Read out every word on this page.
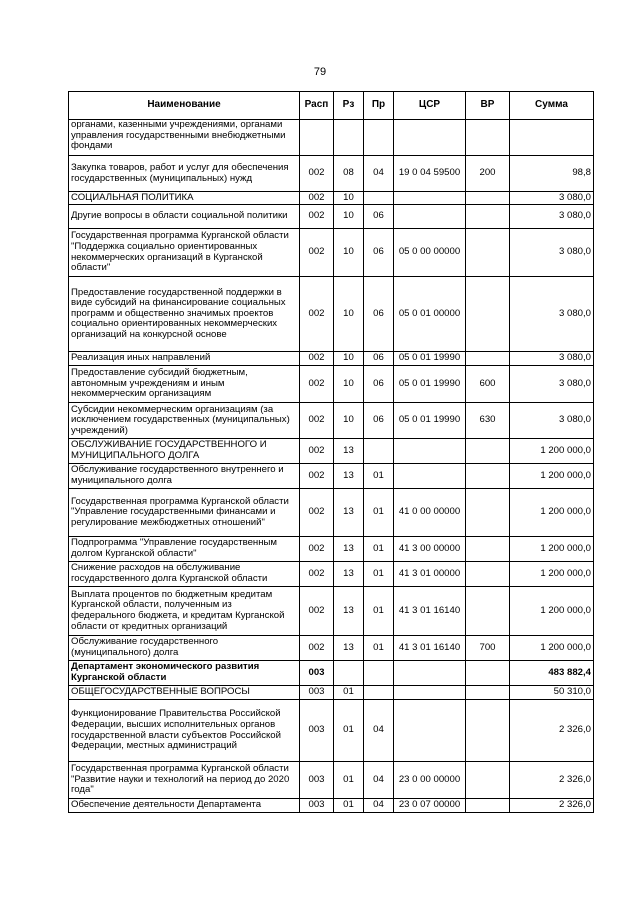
79
Наименование	Расп	Рз	Пр	ЦСР	ВР	Сумма
органами, казенными учреждениями, органами управления государственными внебюджетными фондами						
Закупка товаров, работ и услуг для обеспечения государственных (муниципальных) нужд	002	08	04	19 0 04 59500	200	98,8
СОЦИАЛЬНАЯ ПОЛИТИКА	002	10				3 080,0
Другие вопросы в области социальной политики	002	10	06			3 080,0
Государственная программа Курганской области "Поддержка социально ориентированных некоммерческих организаций в Курганской области"	002	10	06	05 0 00 00000		3 080,0
Предоставление государственной поддержки в виде субсидий на финансирование социальных программ и общественно значимых проектов социально ориентированных некоммерческих организаций на конкурсной основе	002	10	06	05 0 01 00000		3 080,0
Реализация иных направлений	002	10	06	05 0 01 19990		3 080,0
Предоставление субсидий бюджетным, автономным учреждениям и иным некоммерческим организациям	002	10	06	05 0 01 19990	600	3 080,0
Субсидии некоммерческим организациям (за исключением государственных (муниципальных) учреждений)	002	10	06	05 0 01 19990	630	3 080,0
ОБСЛУЖИВАНИЕ ГОСУДАРСТВЕННОГО И МУНИЦИПАЛЬНОГО ДОЛГА	002	13				1 200 000,0
Обслуживание государственного внутреннего и муниципального долга	002	13	01			1 200 000,0
Государственная программа Курганской области "Управление государственными финансами и регулирование межбюджетных отношений"	002	13	01	41 0 00 00000		1 200 000,0
Подпрограмма "Управление государственным долгом Курганской области"	002	13	01	41 3 00 00000		1 200 000,0
Снижение расходов на обслуживание государственного долга Курганской области	002	13	01	41 3 01 00000		1 200 000,0
Выплата процентов по бюджетным кредитам Курганской области, полученным из федерального бюджета, и кредитам Курганской области от кредитных организаций	002	13	01	41 3 01 16140		1 200 000,0
Обслуживание государственного (муниципального) долга	002	13	01	41 3 01 16140	700	1 200 000,0
Департамент экономического развития Курганской области	003					483 882,4
ОБЩЕГОСУДАРСТВЕННЫЕ ВОПРОСЫ	003	01				50 310,0
Функционирование Правительства Российской Федерации, высших исполнительных органов государственной власти субъектов Российской Федерации, местных администраций	003	01	04			2 326,0
Государственная программа Курганской области "Развитие науки и технологий на период до 2020 года"	003	01	04	23 0 00 00000		2 326,0
Обеспечение деятельности Департамента	003	01	04	23 0 07 00000		2 326,0
